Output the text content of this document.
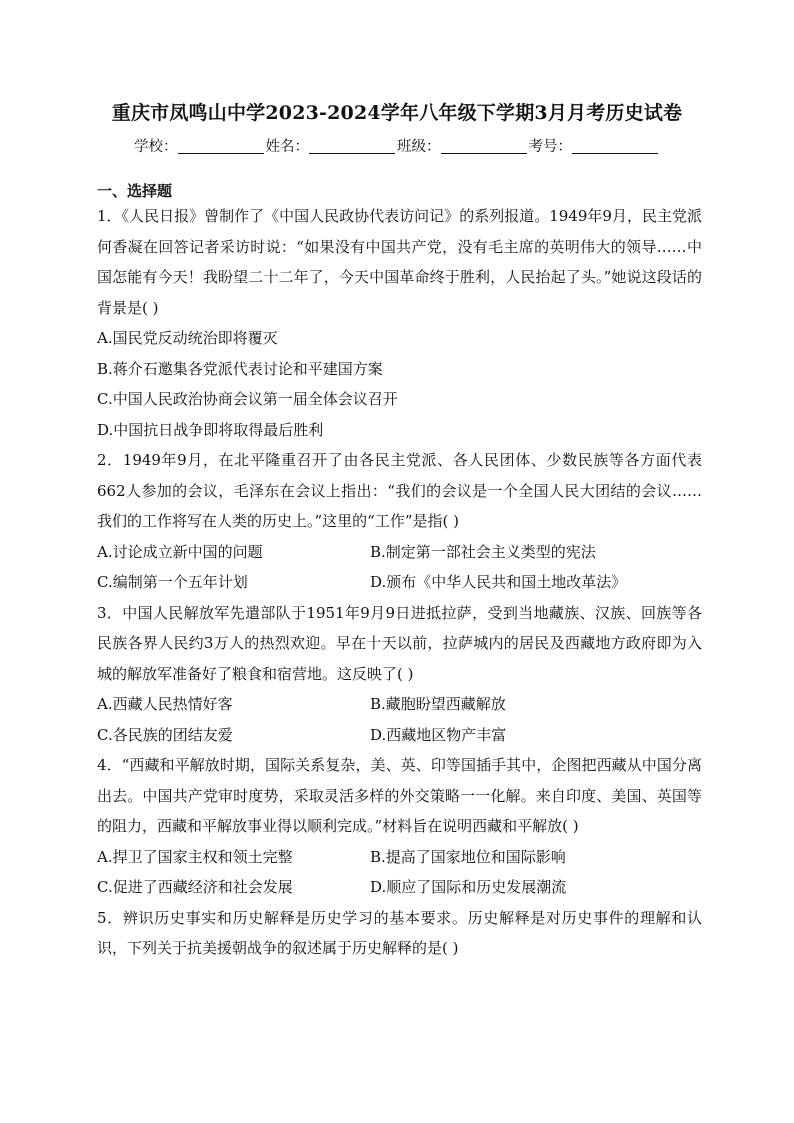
重庆市凤鸣山中学2023-2024学年八年级下学期3月月考历史试卷
学校：	姓名：	班级：	考号：
一、选择题

1．《人民日报》曾制作了《中国人民政协代表访问记》的系列报道。1949年9月，民主党派何香凝在回答记者采访时说：“如果没有中国共产党，没有毛主席的英明伟大的领导……中国怎能有今天！我盼望二十二年了，今天中国革命终于胜利，人民抬起了头。”她说这段话的背景是( )

A.国民党反动统治即将覆灭

B.蒋介石邀集各党派代表讨论和平建国方案

C.中国人民政治协商会议第一届全体会议召开

D.中国抗日战争即将取得最后胜利

2．1949年9月，在北平隆重召开了由各民主党派、各人民团体、少数民族等各方面代表662人参加的会议，毛泽东在会议上指出：“我们的会议是一个全国人民大团结的会议……我们的工作将写在人类的历史上。”这里的“工作”是指( )

A.讨论成立新中国的问题	B.制定第一部社会主义类型的宪法

C.编制第一个五年计划	D.颁布《中华人民共和国土地改革法》

3．中国人民解放军先遣部队于1951年9月9日进抵拉萨，受到当地藏族、汉族、回族等各民族各界人民约3万人的热烈欢迎。早在十天以前，拉萨城内的居民及西藏地方政府即为入城的解放军准备好了粮食和宿营地。这反映了( )

A.西藏人民热情好客	B.藏胞盼望西藏解放

C.各民族的团结友爱	D.西藏地区物产丰富

4．“西藏和平解放时期，国际关系复杂，美、英、印等国插手其中，企图把西藏从中国分离出去。中国共产党审时度势，采取灵活多样的外交策略一一化解。来自印度、美国、英国等的阻力，西藏和平解放事业得以顺利完成。”材料旨在说明西藏和平解放( )

A.捍卫了国家主权和领土完整	B.提高了国家地位和国际影响

C.促进了西藏经济和社会发展	D.顺应了国际和历史发展潮流

5．辨识历史事实和历史解释是历史学习的基本要求。历史解释是对历史事件的理解和认识，下列关于抗美援朝战争的叙述属于历史解释的是( )
